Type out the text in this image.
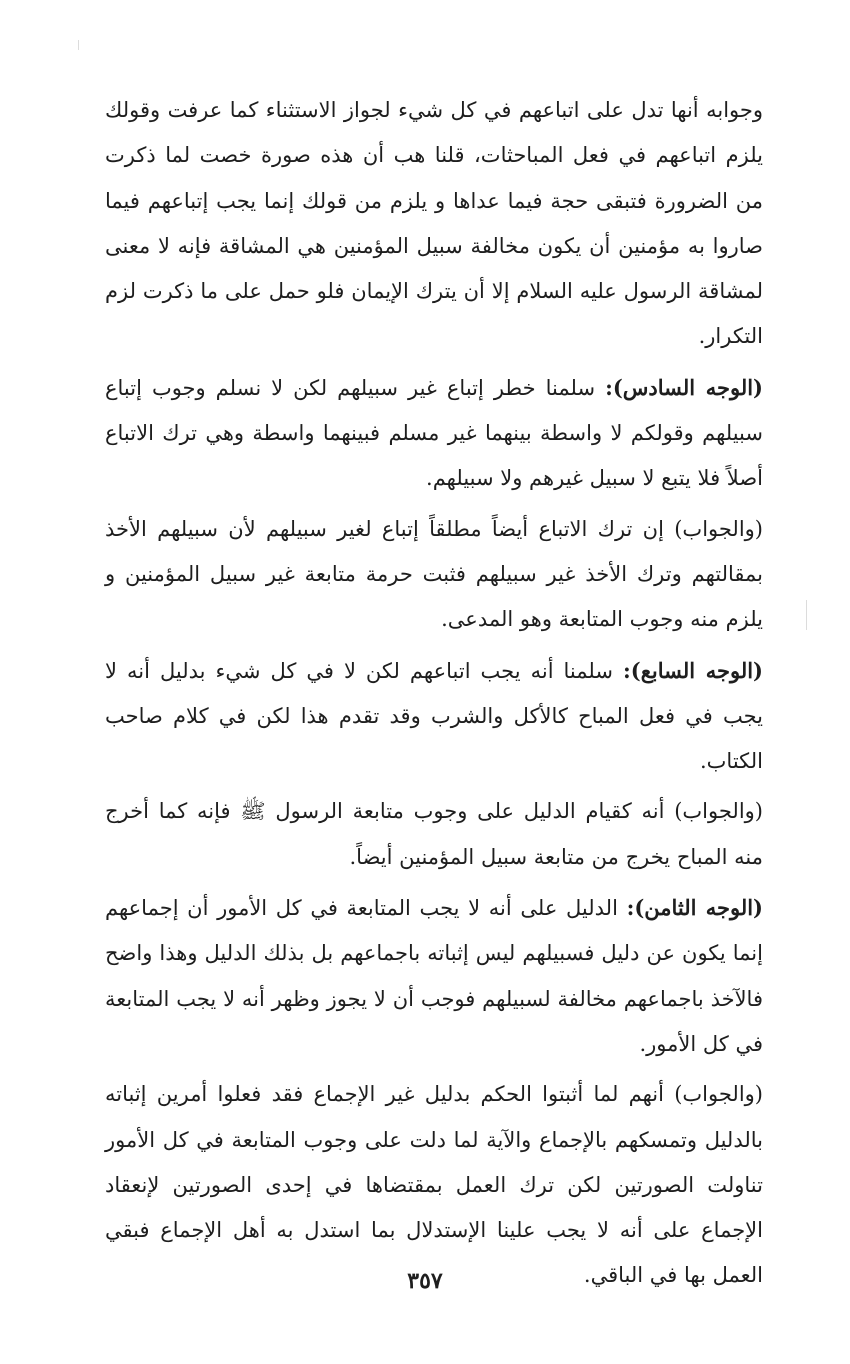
وجوابه أنها تدل على اتباعهم في كل شيء لجواز الاستثناء كما عرفت وقولك يلزم اتباعهم في فعل المباحثات، قلنا هب أن هذه صورة خصت لما ذكرت من الضرورة فتبقى حجة فيما عداها و يلزم من قولك إنما يجب إتباعهم فيما صاروا به مؤمنين أن يكون مخالفة سبيل المؤمنين هي المشاقة فإنه لا معنى لمشاقة الرسول عليه السلام إلا أن يترك الإيمان فلو حمل على ما ذكرت لزم التكرار.

(الوجه السادس): سلمنا خطر إتباع غير سبيلهم لكن لا نسلم وجوب إتباع سبيلهم وقولكم لا واسطة بينهما غير مسلم فبينهما واسطة وهي ترك الاتباع أصلاً فلا يتبع لا سبيل غيرهم ولا سبيلهم.

(والجواب) إن ترك الاتباع أيضاً مطلقاً إتباع لغير سبيلهم لأن سبيلهم الأخذ بمقالتهم وترك الأخذ غير سبيلهم فثبت حرمة متابعة غير سبيل المؤمنين و يلزم منه وجوب المتابعة وهو المدعى.

(الوجه السابع): سلمنا أنه يجب اتباعهم لكن لا في كل شيء بدليل أنه لا يجب في فعل المباح كالأكل والشرب وقد تقدم هذا لكن في كلام صاحب الكتاب.

(والجواب) أنه كقيام الدليل على وجوب متابعة الرسول ﷺ فإنه كما أخرج منه المباح يخرج من متابعة سبيل المؤمنين أيضاً.

(الوجه الثامن): الدليل على أنه لا يجب المتابعة في كل الأمور أن إجماعهم إنما يكون عن دليل فسبيلهم ليس إثباته باجماعهم بل بذلك الدليل وهذا واضح فالآخذ باجماعهم مخالفة لسبيلهم فوجب أن لا يجوز وظهر أنه لا يجب المتابعة في كل الأمور.

(والجواب) أنهم لما أثبتوا الحكم بدليل غير الإجماع فقد فعلوا أمرين إثباته بالدليل وتمسكهم بالإجماع والآية لما دلت على وجوب المتابعة في كل الأمور تناولت الصورتين لكن ترك العمل بمقتضاها في إحدى الصورتين لإنعقاد الإجماع على أنه لا يجب علينا الإستدلال بما استدل به أهل الإجماع فبقي العمل بها في الباقي.

٣٥٧
